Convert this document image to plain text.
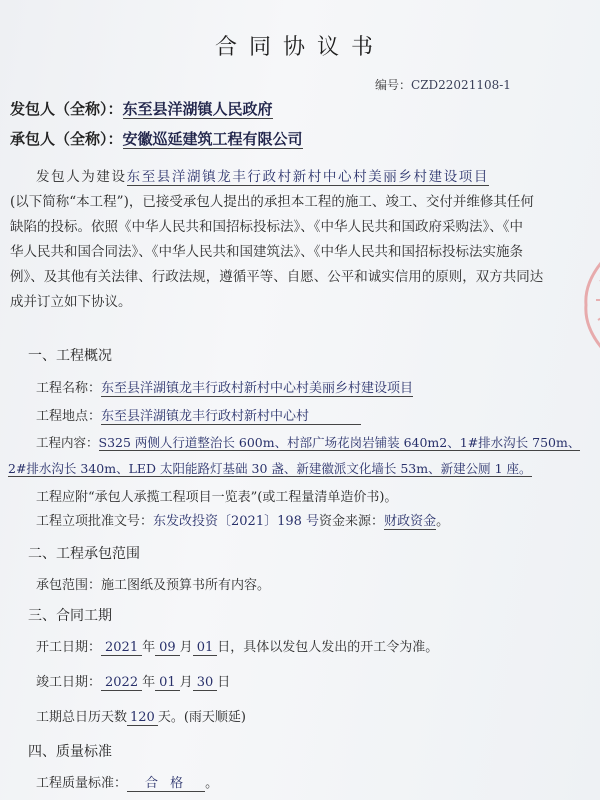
合同协议书
编号：CZD22021108-1
发包人（全称）：东至县洋湖镇人民政府
承包人（全称）：安徽巡延建筑工程有限公司
发包人为建设东至县洋湖镇龙丰行政村新村中心村美丽乡村建设项目
(以下简称“本工程”)，已接受承包人提出的承担本工程的施工、竣工、交付并维修其任何
缺陷的投标。依照《中华人民共和国招标投标法》、《中华人民共和国政府采购法》、《中
华人民共和国合同法》、《中华人民共和国建筑法》、《中华人民共和国招标投标法实施条
例》、及其他有关法律、行政法规，遵循平等、自愿、公平和诚实信用的原则，双方共同达
成并订立如下协议。
一、工程概况
工程名称：东至县洋湖镇龙丰行政村新村中心村美丽乡村建设项目
工程地点：东至县洋湖镇龙丰行政村新村中心村
工程内容：S325 两侧人行道整治长 600m、村部广场花岗岩铺装 640m2、1#排水沟长 750m、
2#排水沟长 340m、LED 太阳能路灯基础 30 盏、新建徽派文化墙长 53m、新建公厕 1 座。
工程应附“承包人承揽工程项目一览表”(或工程量清单造价书)。
工程立项批准文号：东发改投资〔2021〕198 号资金来源：财政资金。
二、工程承包范围
承包范围：施工图纸及预算书所有内容。
三、合同工期
开工日期： 2021 年 09 月 01 日，具体以发包人发出的开工令为准。
竣工日期： 2022 年 01 月 30 日
工期总日历天数 120 天。(雨天顺延)
四、质量标准
工程质量标准： 合 格 。
